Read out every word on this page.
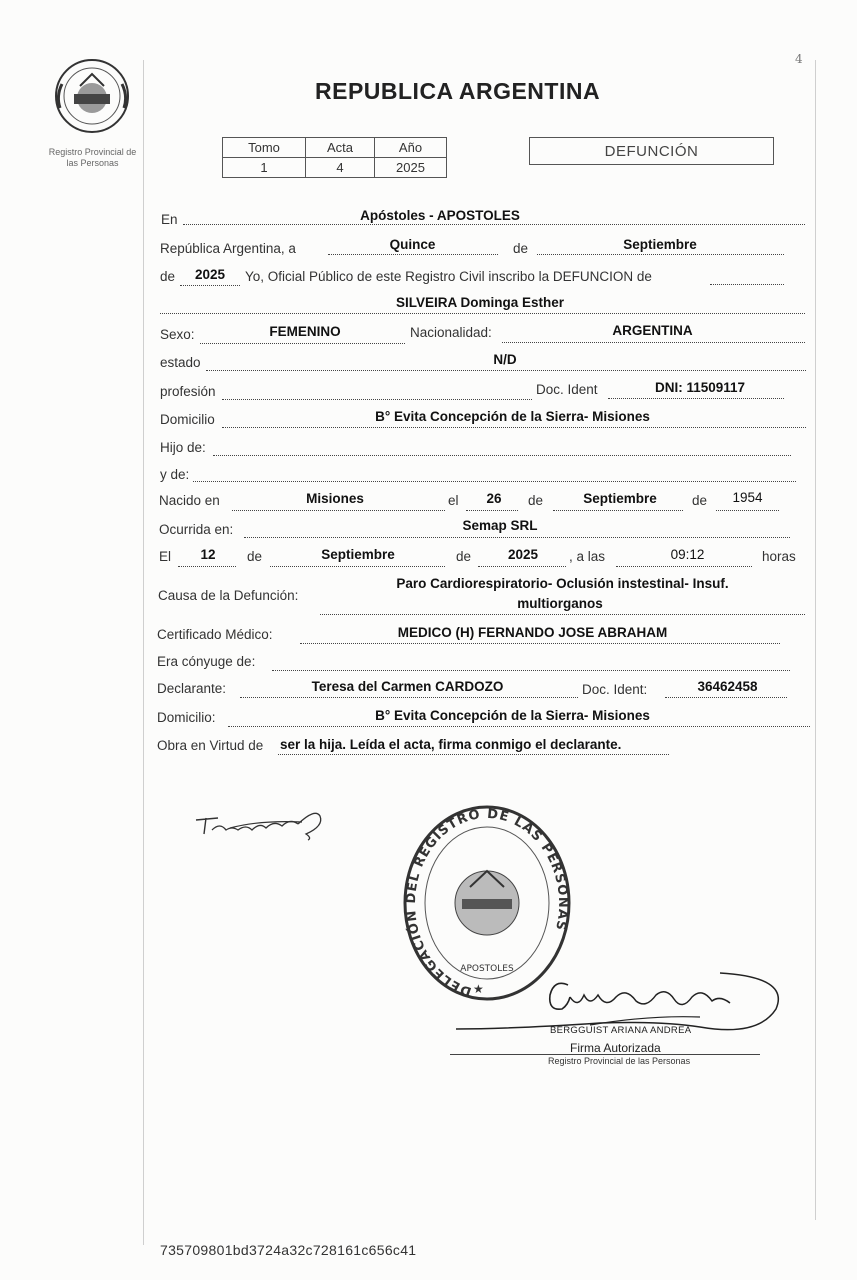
4
Registro Provincial de
las Personas
REPUBLICA ARGENTINA
Tomo	Acta	Año
1	4	2025
DEFUNCIÓN
En	Apóstoles - APOSTOLES
República Argentina, a	Quince	de	Septiembre
de	2025	Yo, Oficial Público de este Registro Civil inscribo la DEFUNCION de
SILVEIRA Dominga Esther
Sexo:	FEMENINO	Nacionalidad:	ARGENTINA
estado	N/D
profesión	Doc. Ident	DNI: 11509117
Domicilio	B° Evita Concepción de la Sierra- Misiones
Hijo de:
y de:
Nacido en	Misiones	el	26	de	Septiembre	de	1954
Ocurrida en:	Semap SRL
El	12	de	Septiembre	de	2025	, a las	09:12	horas
Causa de la Defunción:
Paro Cardiorespiratorio- Oclusión instestinal- Insuf.
multiorganos
Certificado Médico:	MEDICO (H) FERNANDO JOSE ABRAHAM
Era cónyuge de:
Declarante:	Teresa del Carmen CARDOZO	Doc. Ident:	36462458
Domicilio:	B° Evita Concepción de la Sierra- Misiones
Obra en Virtud de ser la hija. Leída el acta, firma conmigo el declarante.
DELEGACIÓN DEL REGISTRO DE LAS PERSONAS
APOSTOLES
★
BERGGUIST ARIANA ANDREA
Firma Autorizada
Registro Provincial de las Personas
735709801bd3724a32c728161c656c41
